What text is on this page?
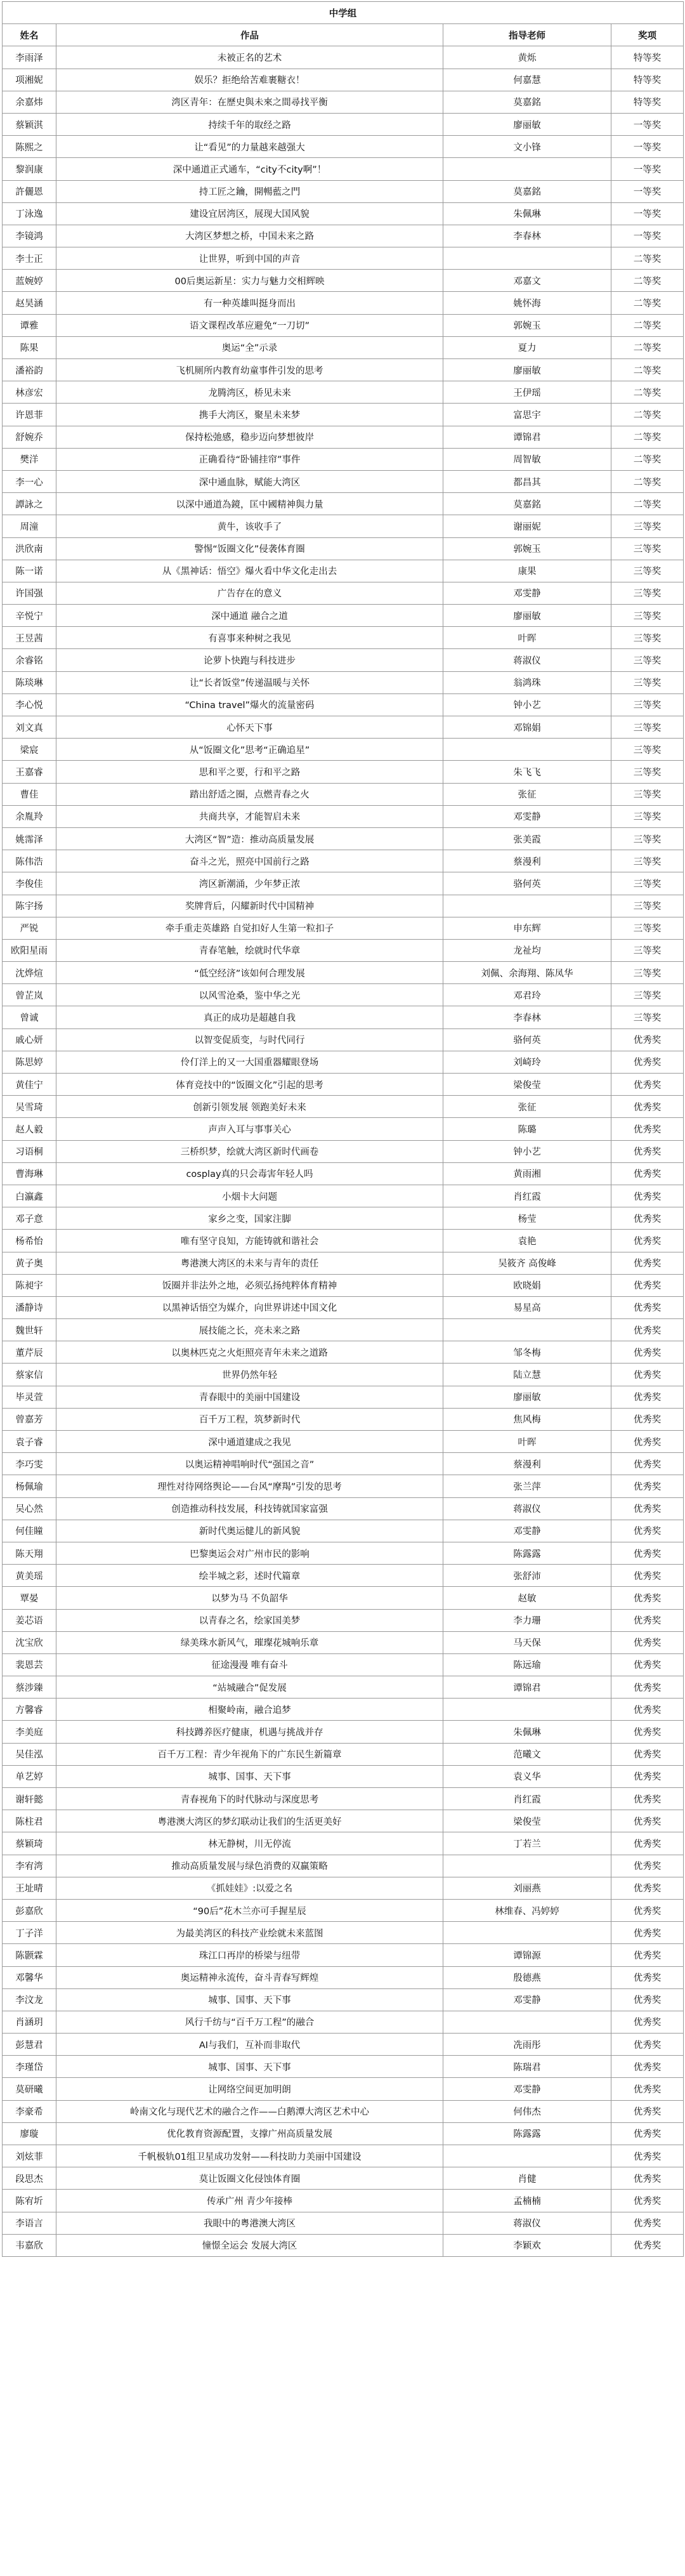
中学组			
姓名	作品	指导老师	奖项
李雨泽	未被正名的艺术	黄烁	特等奖
项湘妮	娱乐？拒绝给苦难裹糖衣！	何嘉慧	特等奖
余嘉炜	湾区青年：在歷史與未來之間尋找平衡	莫嘉銘	特等奖
蔡颖淇	持续千年的取经之路	廖丽敏	一等奖
陈熙之	让“看见”的力量越来越强大	文小锋	一等奖
黎润康	深中通道正式通车，“city不city啊”！		一等奖
許儷恩	持工匠之鑰，開暢藍之門	莫嘉銘	一等奖
丁泳逸	建设宜居湾区，展现大国风貌	朱佩琳	一等奖
李镜鸿	大湾区梦想之桥，中国未来之路	李春林	一等奖
李士正	让世界，听到中国的声音		二等奖
蓝婉婷	00后奥运新星：实力与魅力交相辉映	邓嘉文	二等奖
赵昊涵	有一种英雄叫挺身而出	姚怀海	二等奖
谭雅	语文课程改革应避免“一刀切”	郭婉玉	二等奖
陈果	奥运“全”示录	夏力	二等奖
潘裕韵	飞机厕所内教育幼童事件引发的思考	廖丽敏	二等奖
林彦宏	龙腾湾区，桥见未来	王伊瑶	二等奖
许恩菲	携手大湾区，聚星未来梦	富思宇	二等奖
舒婉乔	保持松弛感，稳步迈向梦想彼岸	谭锦君	二等奖
樊洋	正确看待“卧铺挂帘”事件	周智敏	二等奖
李一心	深中通血脉，赋能大湾区	都昌其	二等奖
譚詠之	以深中通道為鏡，匡中國精神與力量	莫嘉銘	二等奖
周潼	黄牛，该收手了	谢丽妮	三等奖
洪欣南	警惕“饭圈文化”侵袭体育圈	郭婉玉	三等奖
陈一诺	从《黑神话：悟空》爆火看中华文化走出去	康果	三等奖
许国强	广告存在的意义	邓雯静	三等奖
辛悦宁	深中通道 融合之道	廖丽敏	三等奖
王昱茜	有喜事来种树之我见	叶晖	三等奖
余睿铭	论萝卜快跑与科技进步	蒋淑仪	三等奖
陈琰琳	让“长者饭堂”传递温暖与关怀	翁鸿珠	三等奖
李心悦	“China travel”爆火的流量密码	钟小艺	三等奖
刘文真	心怀天下事	邓锦娟	三等奖
梁宸	从“饭圈文化”思考“正确追星”		三等奖
王嘉睿	思和平之要，行和平之路	朱飞飞	三等奖
曹佳	踏出舒适之圈，点燃青春之火	张征	三等奖
余胤羚	共商共享，才能智启未来	邓雯静	三等奖
姚霈泽	大湾区“智”造：推动高质量发展	张美霞	三等奖
陈伟浩	奋斗之光，照亮中国前行之路	蔡漫利	三等奖
李俊佳	湾区新潮涌，少年梦正浓	骆何英	三等奖
陈宇扬	奖牌背后，闪耀新时代中国精神		三等奖
严锐	牵手重走英雄路 自觉扣好人生第一粒扣子	申东辉	三等奖
欧阳星雨	青春笔触，绘就时代华章	龙祉均	三等奖
沈烨煊	“低空经济”该如何合理发展	刘佩、余海翔、陈凤华	三等奖
曾芷岚	以风雪沧桑，鉴中华之光	邓君玲	三等奖
曾诚	真正的成功是超越自我	李春林	三等奖
戚心妍	以智变促质变，与时代同行	骆何英	优秀奖
陈思婷	伶仃洋上的又一大国重器耀眼登场	刘崎玲	优秀奖
黄佳宁	体育竞技中的“饭圈文化”引起的思考	梁俊莹	优秀奖
吴雪琦	创新引领发展 领跑美好未来	张征	优秀奖
赵人毅	声声入耳与事事关心	陈璐	优秀奖
习语桐	三桥织梦，绘就大湾区新时代画卷	钟小艺	优秀奖
曹海琳	cosplay真的只会毒害年轻人吗	黄雨湘	优秀奖
白瀛鑫	小烟卡大问题	肖红霞	优秀奖
邓子意	家乡之变，国家注脚	杨莹	优秀奖
杨希怡	唯有坚守良知，方能铸就和谐社会	袁艳	优秀奖
黄子奥	粤港澳大湾区的未来与青年的责任	吴筱齐 高俊峰	优秀奖
陈昶宇	饭圈并非法外之地，必须弘扬纯粹体育精神	欧晓娟	优秀奖
潘静诗	以黑神话悟空为媒介，向世界讲述中国文化	易星高	优秀奖
魏世轩	展技能之长，亮未来之路		优秀奖
董芹辰	以奥林匹克之火炬照亮青年未来之道路	邹冬梅	优秀奖
蔡家信	世界仍然年轻	陆立慧	优秀奖
毕灵萱	青春眼中的美丽中国建设	廖丽敏	优秀奖
曾嘉芳	百千万工程，筑梦新时代	焦风梅	优秀奖
袁子睿	深中通道建成之我见	叶晖	优秀奖
李巧雯	以奥运精神唱响时代“强国之音”	蔡漫利	优秀奖
杨佩瑜	理性对待网络舆论——台风“摩羯”引发的思考	张兰萍	优秀奖
吴心然	创造推动科技发展，科技铸就国家富强	蒋淑仪	优秀奖
何佳瞳	新时代奥运健儿的新风貌	邓雯静	优秀奖
陈天翔	巴黎奥运会对广州市民的影响	陈露露	优秀奖
黄美瑶	绘半城之彩，述时代篇章	张舒沛	优秀奖
覃晏	以梦为马 不负韶华	赵敏	优秀奖
姜芯语	以青春之名，绘家国美梦	李力珊	优秀奖
沈宝欣	绿美珠水新风气，璀璨花城响乐章	马天保	优秀奖
裴恩芸	征途漫漫 唯有奋斗	陈远瑜	优秀奖
蔡涉臻	“站城融合”促发展	谭锦君	优秀奖
方馨睿	相聚岭南，融合追梦		优秀奖
李美庭	科技蹲养医疗健康，机遇与挑战并存	朱佩琳	优秀奖
吴佳泓	百千万工程：青少年视角下的广东民生新篇章	范曦文	优秀奖
单艺婷	城事、国事、天下事	袁义华	优秀奖
谢轩懿	青春视角下的时代脉动与深度思考	肖红霞	优秀奖
陈柱君	粤港澳大湾区的梦幻联动让我们的生活更美好	梁俊莹	优秀奖
蔡颖琦	林无静树，川无停流	丁若兰	优秀奖
李宥湾	推动高质量发展与绿色消费的双赢策略		优秀奖
王址晴	《抓娃娃》:以爱之名	刘丽燕	优秀奖
彭嘉欣	“90后”花木兰亦可手握星辰	林维春、冯婷婷	优秀奖
丁子洋	为最美湾区的科技产业绘就未来蓝图		优秀奖
陈颢霖	珠江口再岸的桥梁与纽带	谭锦源	优秀奖
邓馨华	奥运精神永流传，奋斗青春写辉煌	殷德燕	优秀奖
李汶龙	城事、国事、天下事	邓雯静	优秀奖
肖涵玥	风行千纺与“百千万工程”的融合		优秀奖
彭慧君	AI与我们，互补而非取代	冼雨彤	优秀奖
李瑾岱	城事、国事、天下事	陈瑞君	优秀奖
莫研曦	让网络空间更加明朗	邓雯静	优秀奖
李豪希	岭南文化与现代艺术的融合之作——白鹅潭大湾区艺术中心	何伟杰	优秀奖
廖璇	优化教育资源配置，支撑广州高质量发展	陈露露	优秀奖
刘炫菲	千帆极轨01组卫星成功发射——科技助力美丽中国建设		优秀奖
段思杰	莫让饭圈文化侵蚀体育圈	肖健	优秀奖
陈宥圻	传承广州 青少年接棒	孟楠楠	优秀奖
李语言	我眼中的粤港澳大湾区	蒋淑仪	优秀奖
韦嘉欣	憧憬全运会 发展大湾区	李颖欢	优秀奖
